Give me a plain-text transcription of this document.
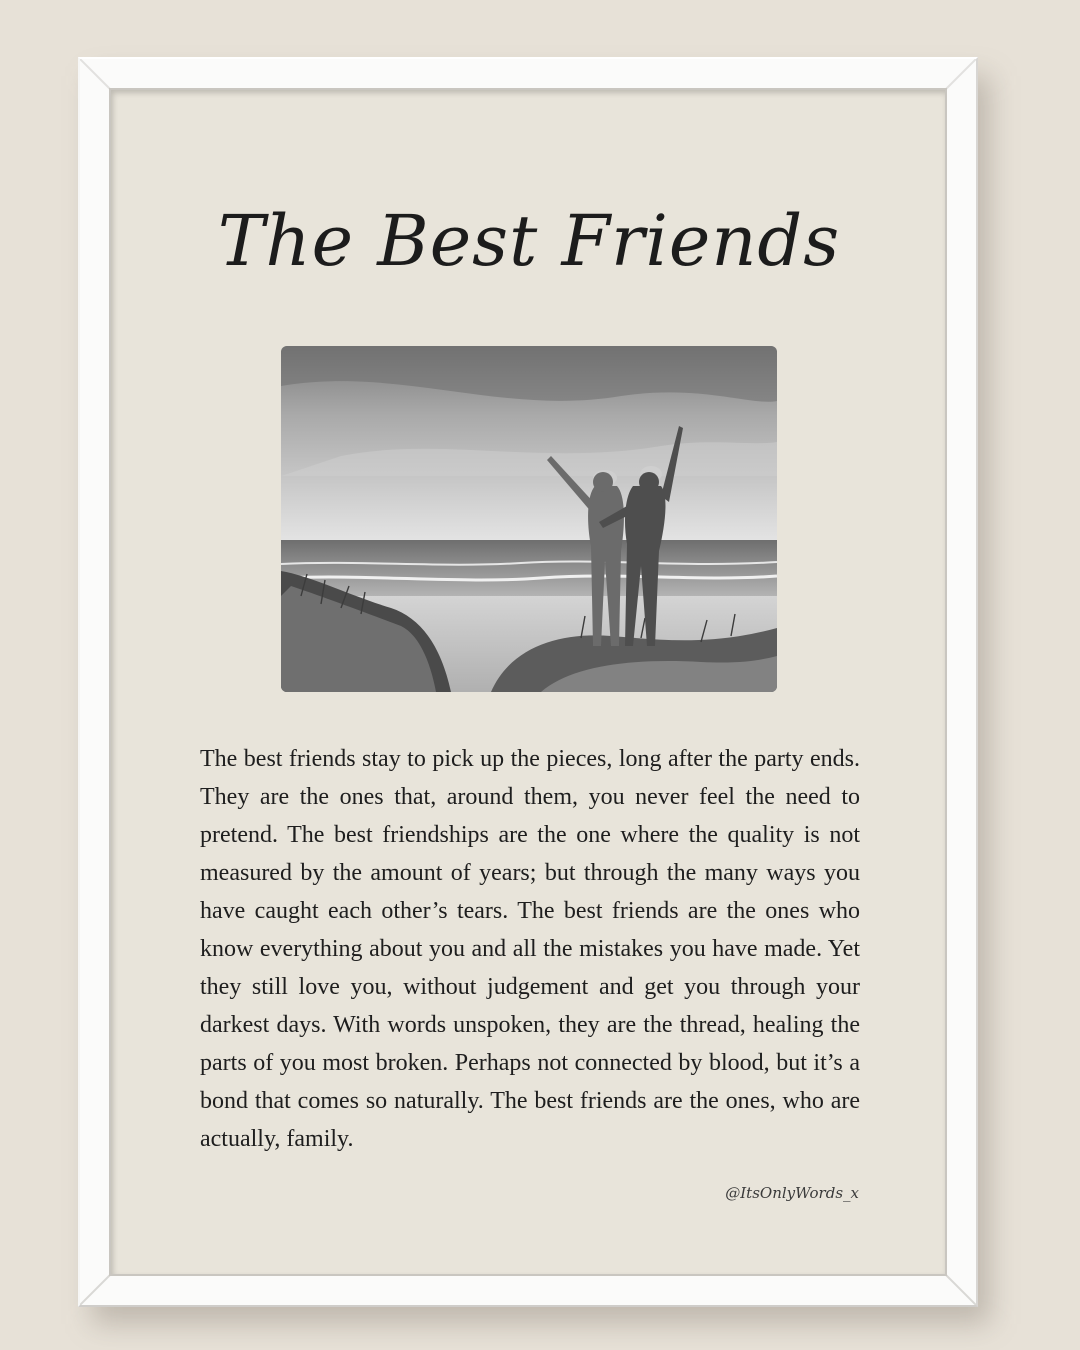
The Best Friends

The best friends stay to pick up the pieces, long after the party ends. They are the ones that, around them, you never feel the need to pretend. The best friendships are the one where the quality is not measured by the amount of years; but through the many ways you have caught each other’s tears. The best friends are the ones who know everything about you and all the mistakes you have made. Yet they still love you, without judgement and get you through your darkest days. With words unspoken, they are the thread, healing the parts of you most broken. Perhaps not connected by blood, but it’s a bond that comes so naturally. The best friends are the ones, who are actually, family.

@ItsOnlyWords_x
